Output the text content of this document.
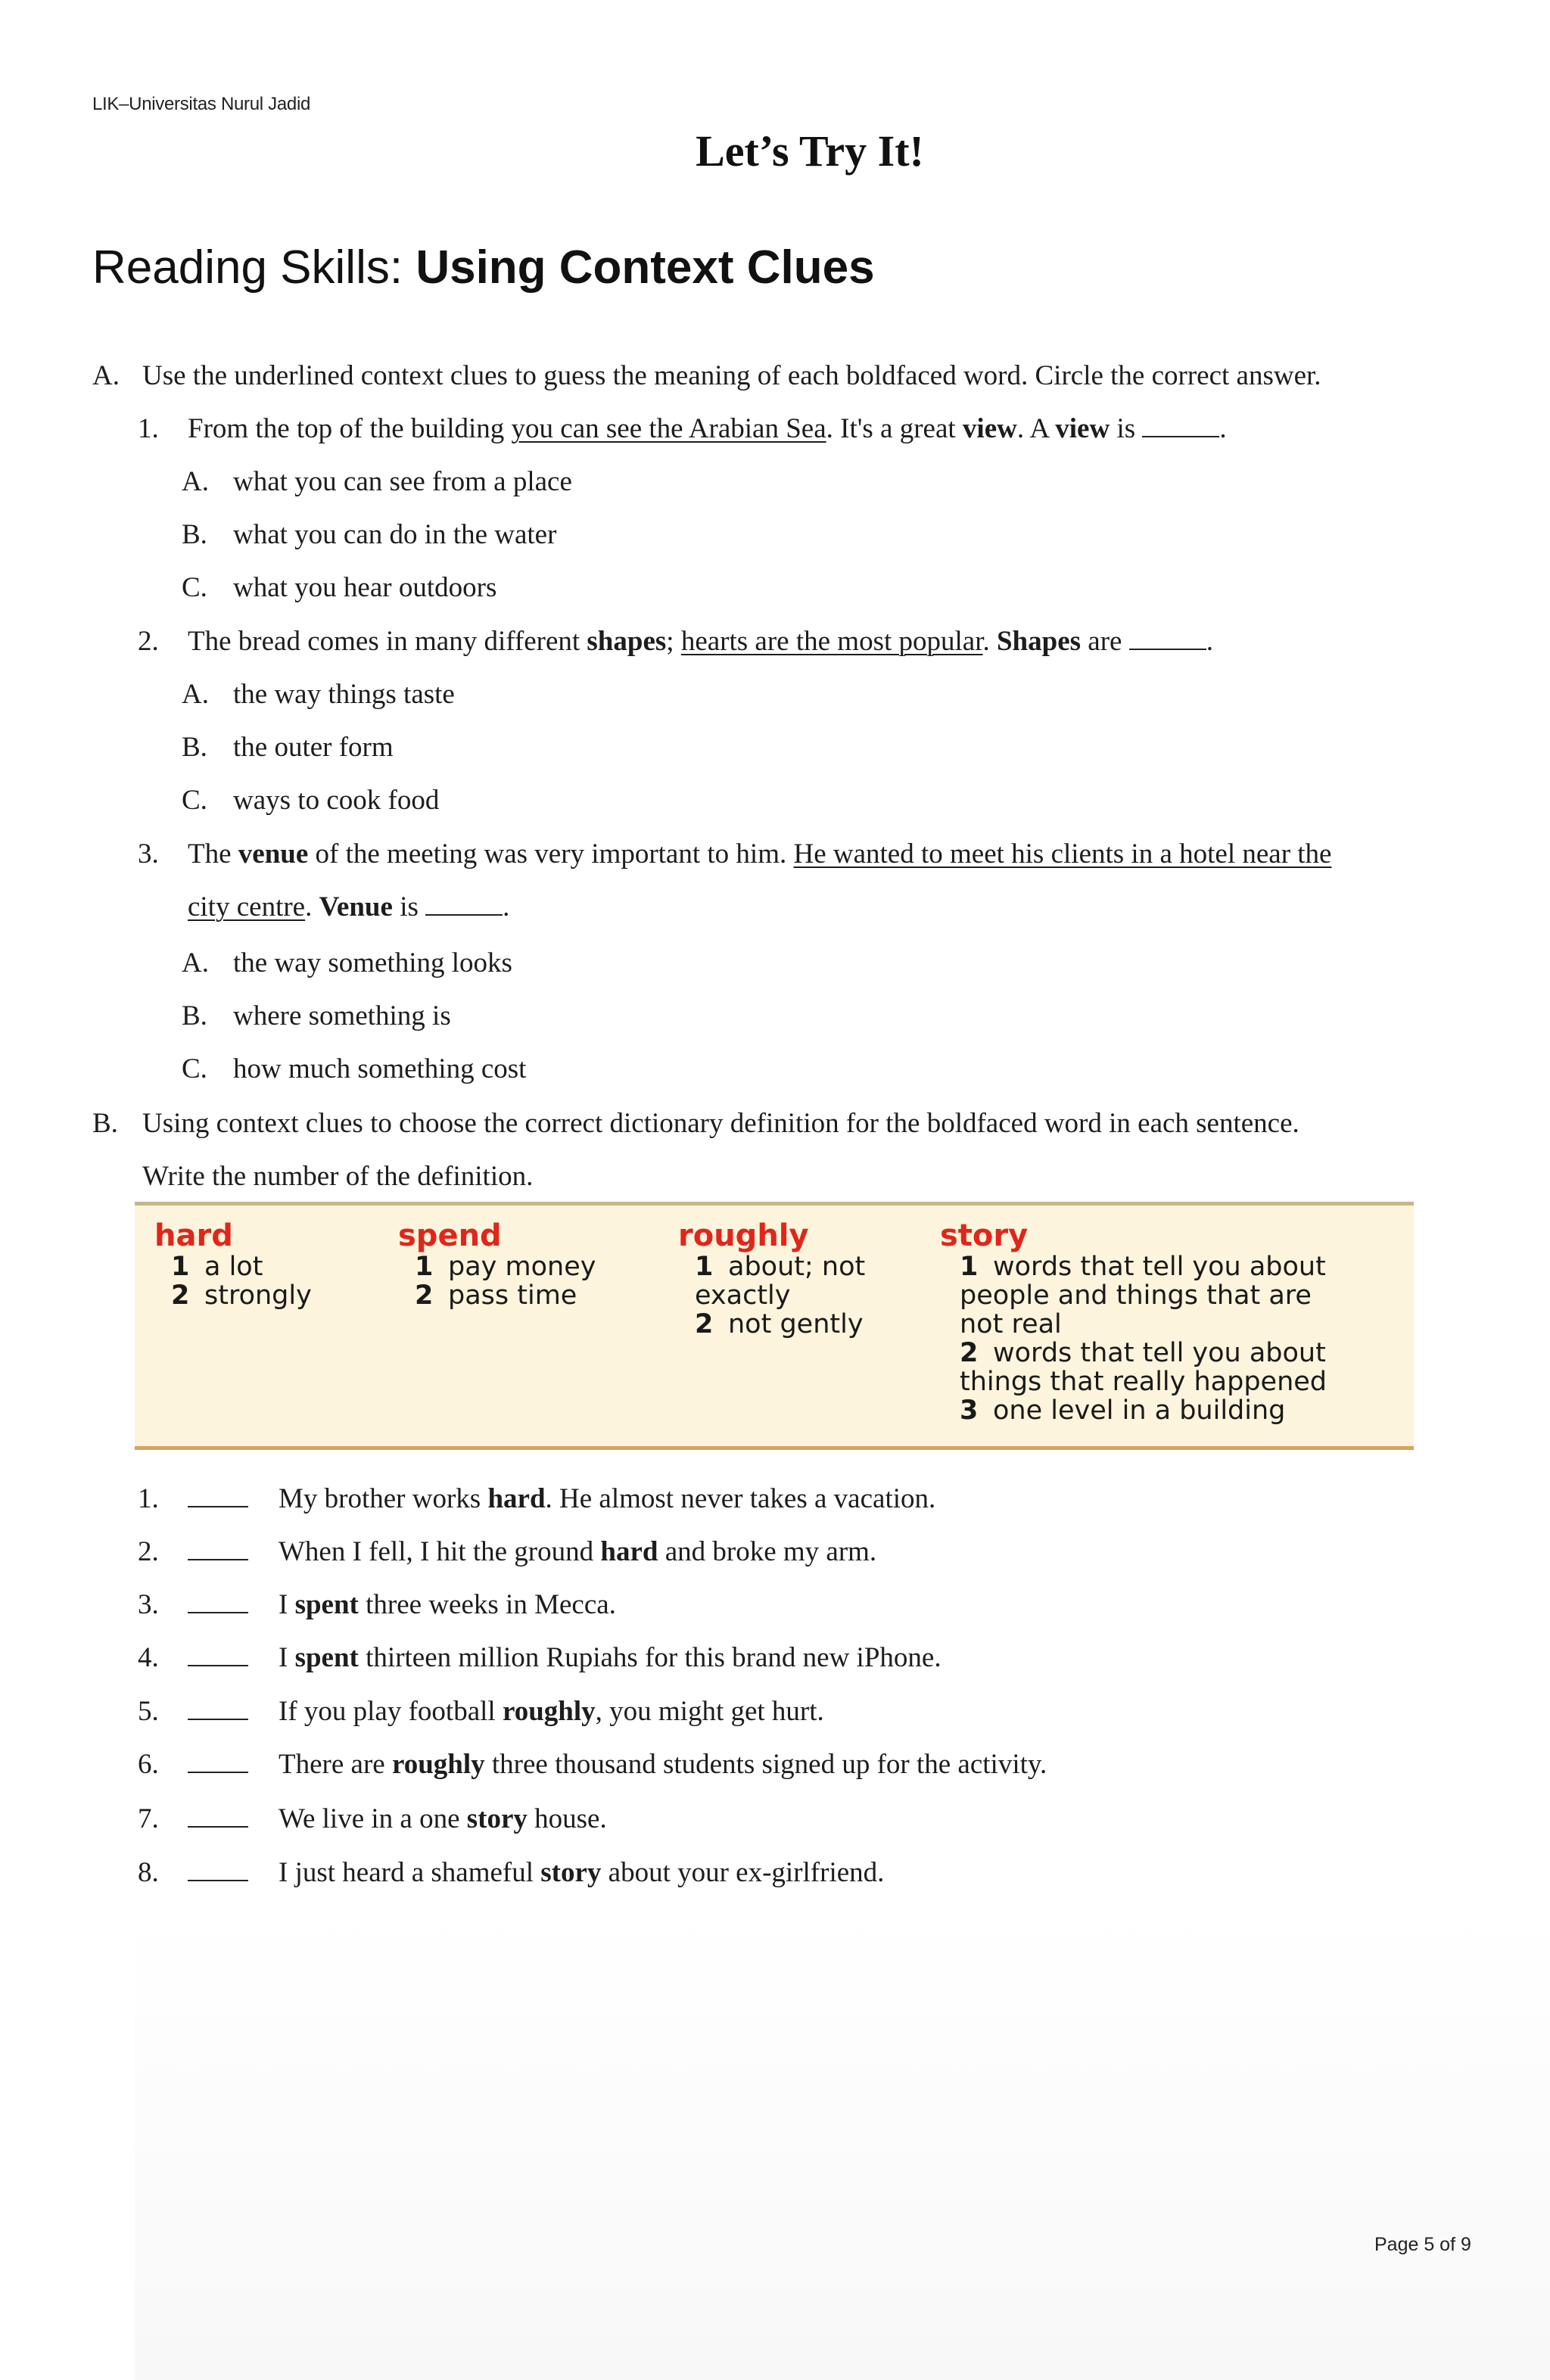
LIK–Universitas Nurul Jadid
Let’s Try It!
Reading Skills: Using Context Clues
A. Use the underlined context clues to guess the meaning of each boldfaced word. Circle the correct answer.
1. From the top of the building you can see the Arabian Sea. It's a great view. A view is	.
A. what you can see from a place
B. what you can do in the water
C. what you hear outdoors
2. The bread comes in many different shapes; hearts are the most popular. Shapes are	.
A. the way things taste
B. the outer form
C. ways to cook food
3. The venue of the meeting was very important to him. He wanted to meet his clients in a hotel near the
city centre. Venue is	.
A. the way something looks
B. where something is
C. how much something cost
B. Using context clues to choose the correct dictionary definition for the boldfaced word in each sentence.
Write the number of the definition.
hard
1 a lot
2 strongly
spend
1 pay money
2 pass time
roughly
1 about; not
exactly
2 not gently
story
1 words that tell you about
people and things that are
not real
2 words that tell you about
things that really happened
3 one level in a building
1.	My brother works hard. He almost never takes a vacation.
2.	When I fell, I hit the ground hard and broke my arm.
3.	I spent three weeks in Mecca.
4.	I spent thirteen million Rupiahs for this brand new iPhone.
5.	If you play football roughly, you might get hurt.
6.	There are roughly three thousand students signed up for the activity.
7.	We live in a one story house.
8.	I just heard a shameful story about your ex-girlfriend.
Page 5 of 9
